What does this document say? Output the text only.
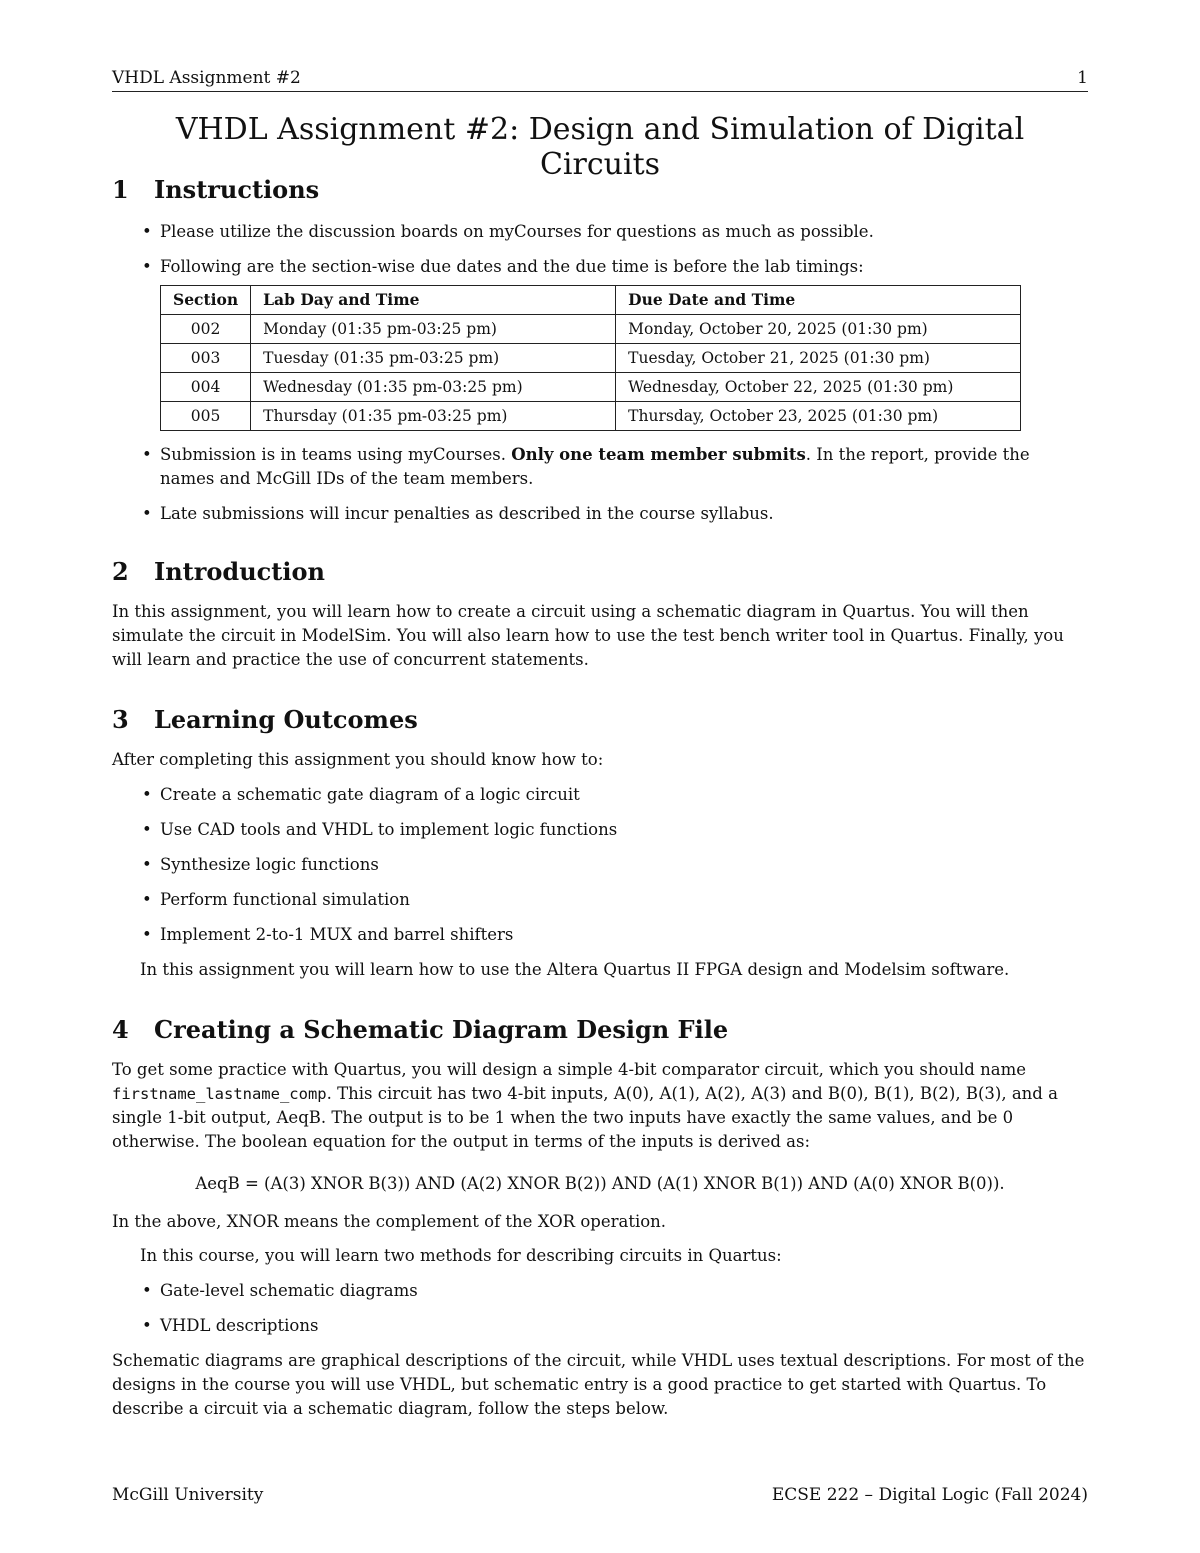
VHDL Assignment #2	1
VHDL Assignment #2: Design and Simulation of Digital Circuits
1 Instructions
• Please utilize the discussion boards on myCourses for questions as much as possible.
• Following are the section-wise due dates and the due time is before the lab timings:
Section	Lab Day and Time	Due Date and Time
002	Monday (01:35 pm-03:25 pm)	Monday, October 20, 2025 (01:30 pm)
003	Tuesday (01:35 pm-03:25 pm)	Tuesday, October 21, 2025 (01:30 pm)
004	Wednesday (01:35 pm-03:25 pm)	Wednesday, October 22, 2025 (01:30 pm)
005	Thursday (01:35 pm-03:25 pm)	Thursday, October 23, 2025 (01:30 pm)
• Submission is in teams using myCourses. Only one team member submits. In the report, provide the names and McGill IDs of the team members.
• Late submissions will incur penalties as described in the course syllabus.
2 Introduction

In this assignment, you will learn how to create a circuit using a schematic diagram in Quartus. You will then simulate the circuit in ModelSim. You will also learn how to use the test bench writer tool in Quartus. Finally, you will learn and practice the use of concurrent statements.

3 Learning Outcomes

After completing this assignment you should know how to:

• Create a schematic gate diagram of a logic circuit
• Use CAD tools and VHDL to implement logic functions
• Synthesize logic functions
• Perform functional simulation
• Implement 2-to-1 MUX and barrel shifters

In this assignment you will learn how to use the Altera Quartus II FPGA design and Modelsim software.

4 Creating a Schematic Diagram Design File

To get some practice with Quartus, you will design a simple 4-bit comparator circuit, which you should name firstname_lastname_comp. This circuit has two 4-bit inputs, A(0), A(1), A(2), A(3) and B(0), B(1), B(2), B(3), and a single 1-bit output, AeqB. The output is to be 1 when the two inputs have exactly the same values, and be 0 otherwise. The boolean equation for the output in terms of the inputs is derived as:

AeqB = (A(3) XNOR B(3)) AND (A(2) XNOR B(2)) AND (A(1) XNOR B(1)) AND (A(0) XNOR B(0)).

In the above, XNOR means the complement of the XOR operation.

In this course, you will learn two methods for describing circuits in Quartus:

• Gate-level schematic diagrams
• VHDL descriptions

Schematic diagrams are graphical descriptions of the circuit, while VHDL uses textual descriptions. For most of the designs in the course you will use VHDL, but schematic entry is a good practice to get started with Quartus. To describe a circuit via a schematic diagram, follow the steps below.

McGill University	ECSE 222 – Digital Logic (Fall 2024)
